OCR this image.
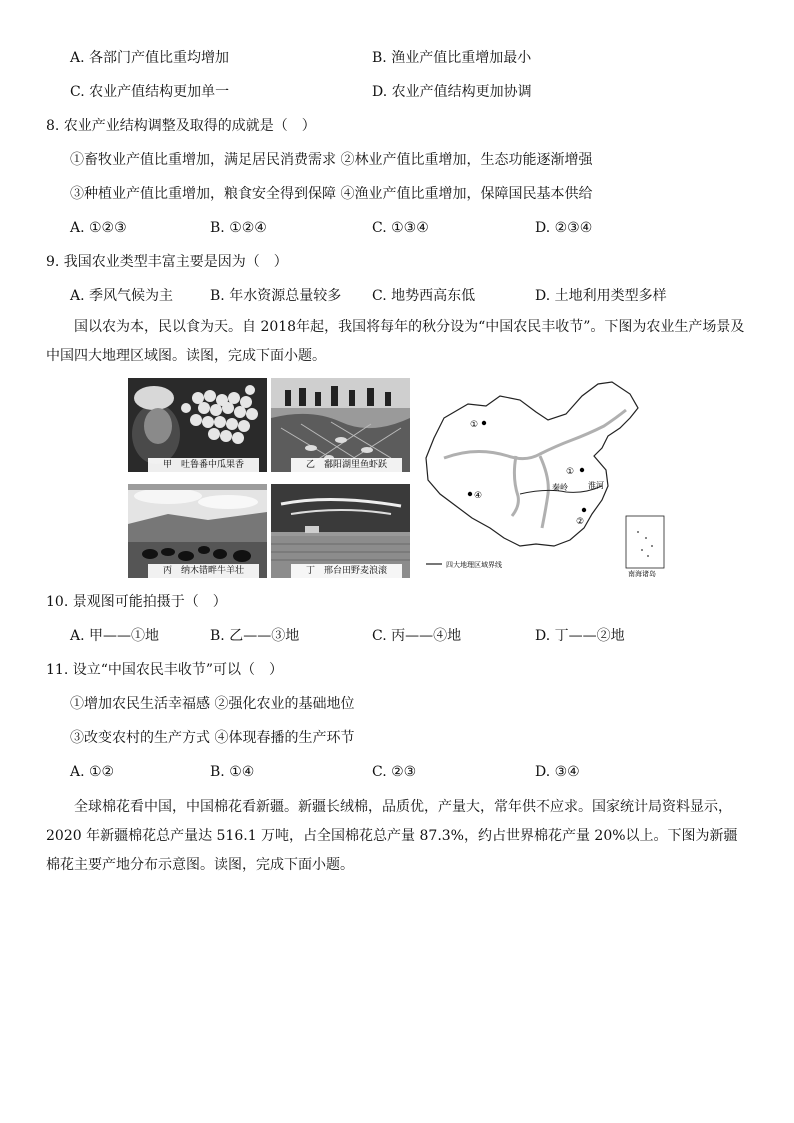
A. 各部门产值比重均增加	B. 渔业产值比重增加最小
C. 农业产值结构更加单一	D. 农业产值结构更加协调
8. 农业产业结构调整及取得的成就是（　）
①畜牧业产值比重增加，满足居民消费需求 ②林业产值比重增加，生态功能逐渐增强
③种植业产值比重增加，粮食安全得到保障 ④渔业产值比重增加，保障国民基本供给
A. ①②③	B. ①②④	C. ①③④	D. ②③④
9. 我国农业类型丰富主要是因为（　）
A. 季风气候为主	B. 年水资源总量较多 C. 地势西高东低	D. 土地利用类型多样

国以农为本，民以食为天。自 2018年起，我国将每年的秋分设为“中国农民丰收节”。下图为农业生产场景及中国四大地理区域图。读图，完成下面小题。

甲　吐鲁番中瓜果香	乙　鄱阳湖里鱼虾跃
丙　纳木错畔牛羊壮	丁　邢台田野麦浪滚
①
①
②
④
秦岭	淮河
四大地理区域界线
南海诸岛
10. 景观图可能拍摄于（　）
A. 甲——①地	B. 乙——③地	C. 丙——④地	D. 丁——②地
11. 设立“中国农民丰收节”可以（　）
①增加农民生活幸福感 ②强化农业的基础地位
③改变农村的生产方式 ④体现春播的生产环节
A. ①②	B. ①④	C. ②③	D. ③④

全球棉花看中国，中国棉花看新疆。新疆长绒棉，品质优，产量大，常年供不应求。国家统计局资料显示，2020 年新疆棉花总产量达 516.1 万吨，占全国棉花总产量 87.3%，约占世界棉花产量 20%以上。下图为新疆棉花主要产地分布示意图。读图，完成下面小题。
